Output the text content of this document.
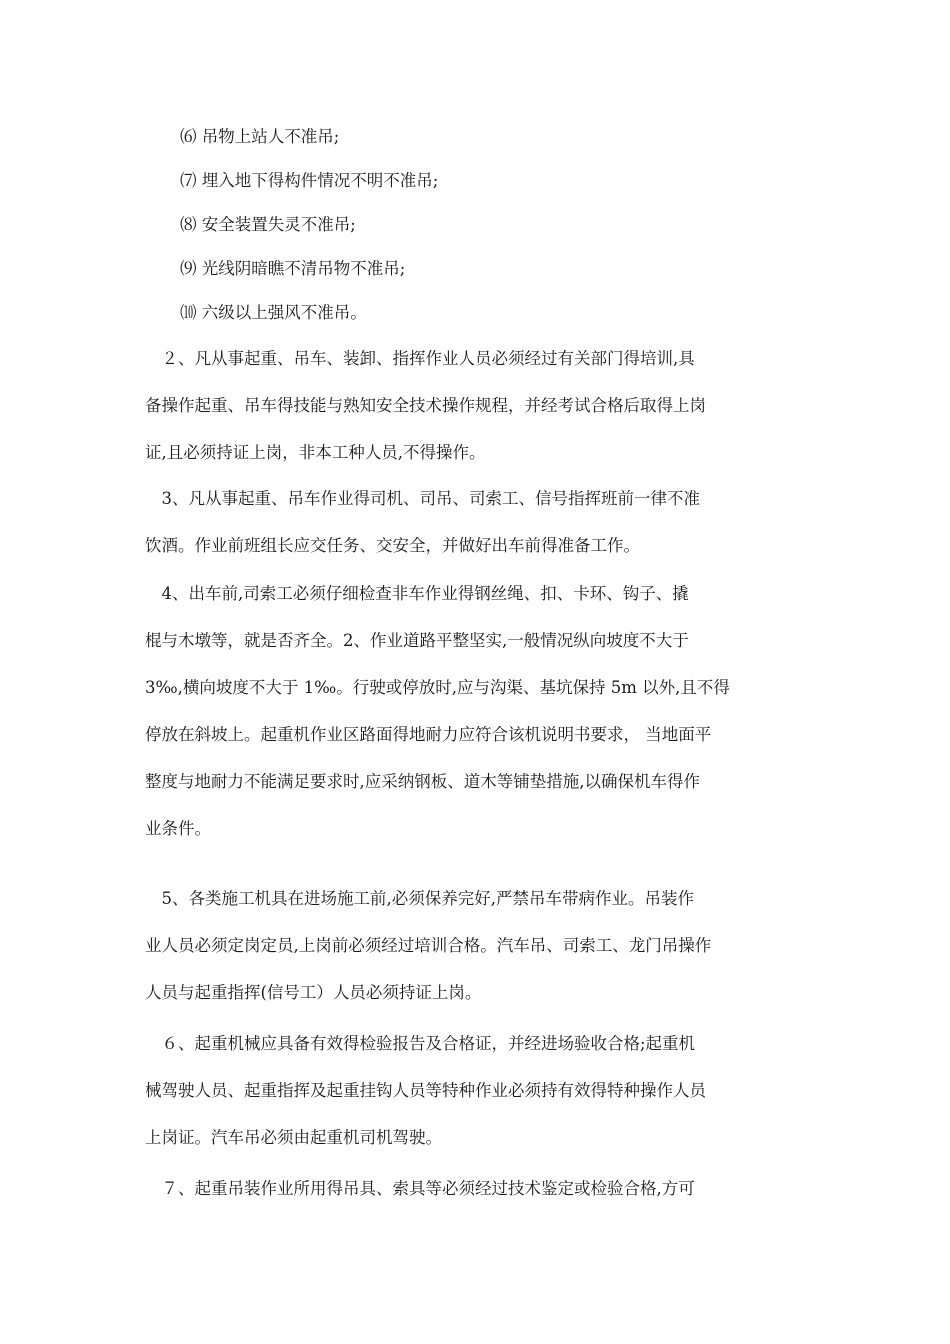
⑹ 吊物上站人不准吊;
⑺ 埋入地下得构件情况不明不准吊;
⑻ 安全装置失灵不准吊;
⑼ 光线阴暗瞧不清吊物不准吊;
⑽ 六级以上强风不准吊。
　２、凡从事起重、吊车、装卸、指挥作业人员必须经过有关部门得培训,具
备操作起重、吊车得技能与熟知安全技术操作规程，并经考试合格后取得上岗
证,且必须持证上岗，非本工种人员,不得操作。
　3、凡从事起重、吊车作业得司机、司吊、司索工、信号指挥班前一律不准
饮酒。作业前班组长应交任务、交安全，并做好出车前得准备工作。
　4、出车前,司索工必须仔细检查非车作业得钢丝绳、扣、卡环、钩子、撬
棍与木墩等，就是否齐全。2、作业道路平整坚实,一般情况纵向坡度不大于
3‰,横向坡度不大于 1‰。行驶或停放时,应与沟渠、基坑保持 5m 以外,且不得
停放在斜坡上。起重机作业区路面得地耐力应符合该机说明书要求， 当地面平
整度与地耐力不能满足要求时,应采纳钢板、道木等铺垫措施,以确保机车得作
业条件。
　5、各类施工机具在进场施工前,必须保养完好,严禁吊车带病作业。吊装作
业人员必须定岗定员,上岗前必须经过培训合格。汽车吊、司索工、龙门吊操作
人员与起重指挥(信号工）人员必须持证上岗。
　６、起重机械应具备有效得检验报告及合格证，并经进场验收合格;起重机
械驾驶人员、起重指挥及起重挂钩人员等特种作业必须持有效得特种操作人员
上岗证。汽车吊必须由起重机司机驾驶。
　７、起重吊装作业所用得吊具、索具等必须经过技术鉴定或检验合格,方可
